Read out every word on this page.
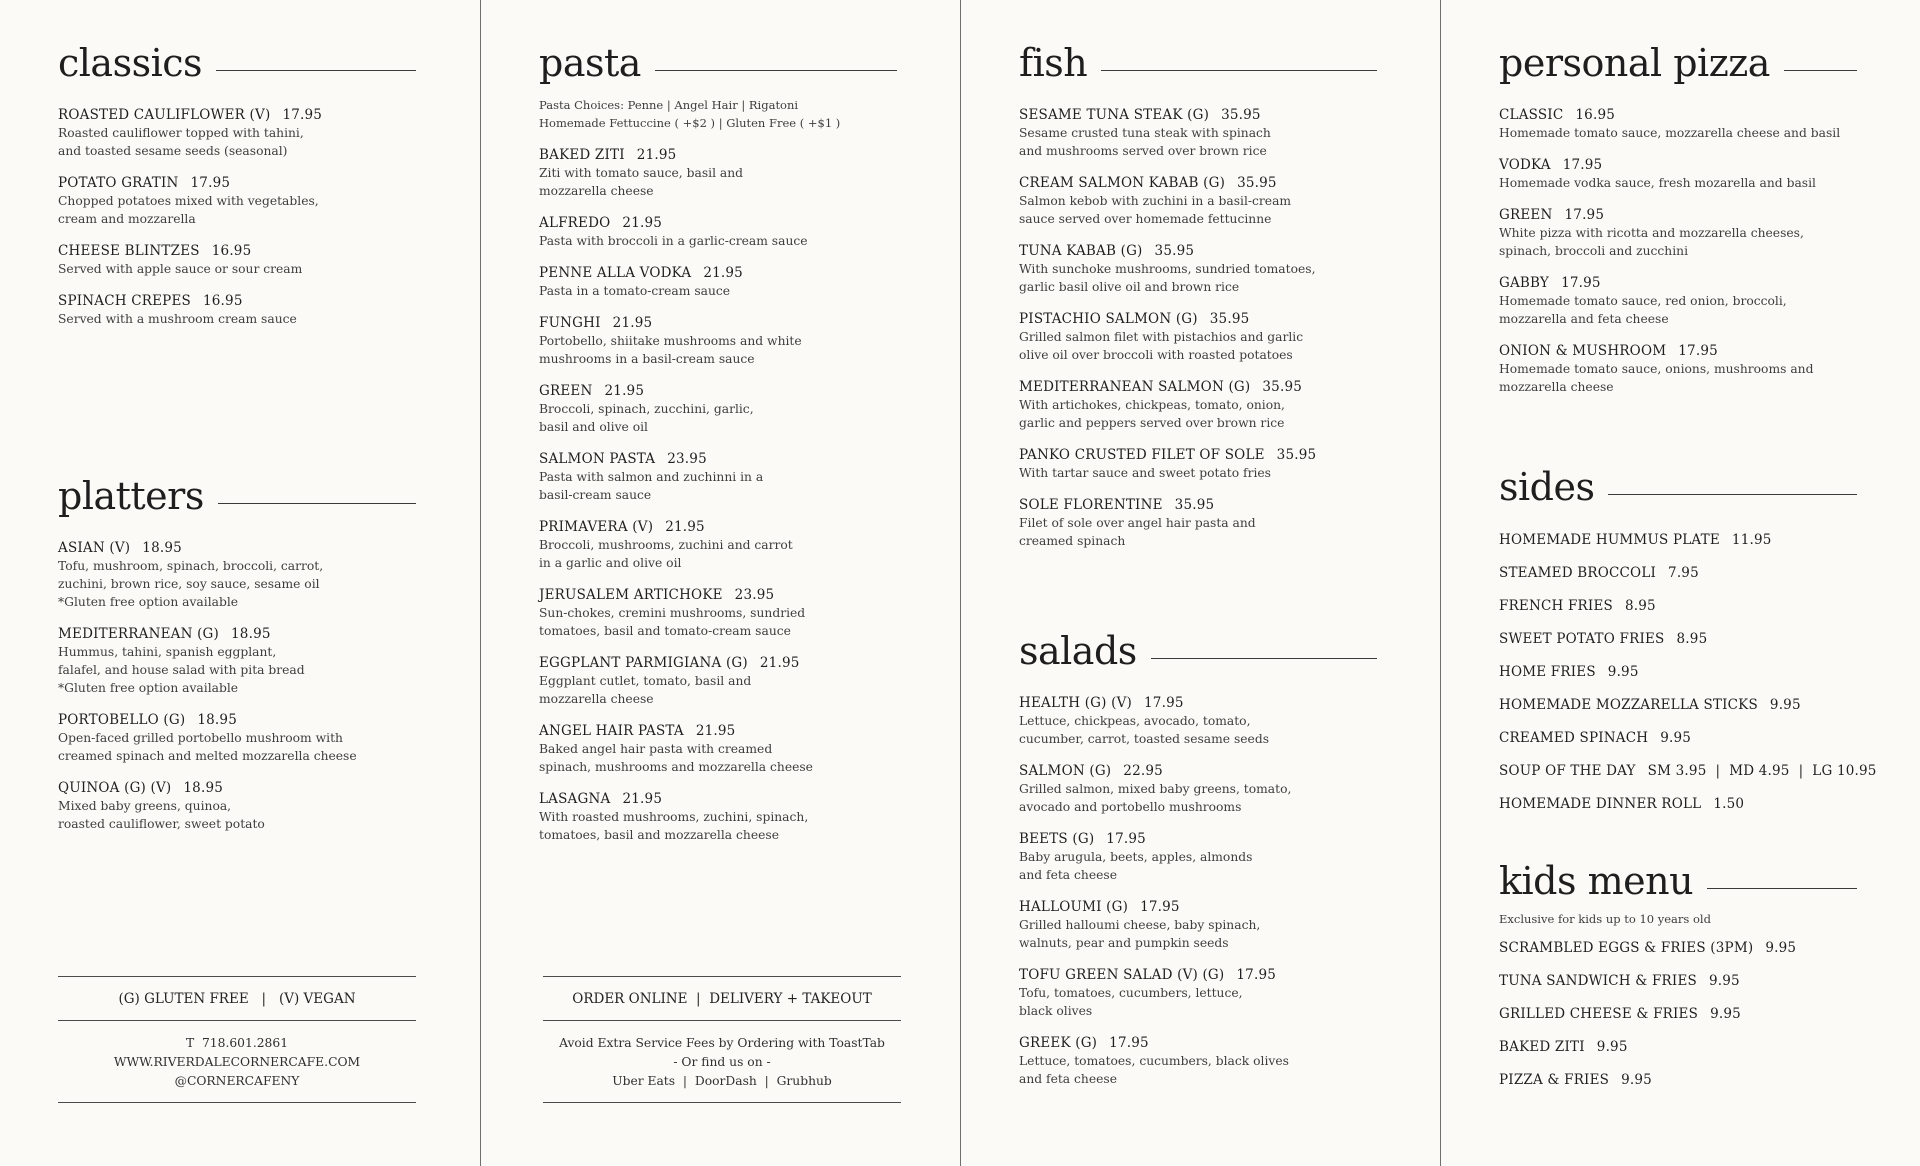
classics
ROASTED CAULIFLOWER (V) 17.95
Roasted cauliflower topped with tahini,
and toasted sesame seeds (seasonal)
POTATO GRATIN 17.95
Chopped potatoes mixed with vegetables,
cream and mozzarella
CHEESE BLINTZES 16.95
Served with apple sauce or sour cream
SPINACH CREPES 16.95
Served with a mushroom cream sauce
platters
ASIAN (V) 18.95
Tofu, mushroom, spinach, broccoli, carrot,
zuchini, brown rice, soy sauce, sesame oil
*Gluten free option available
MEDITERRANEAN (G) 18.95
Hummus, tahini, spanish eggplant,
falafel, and house salad with pita bread
*Gluten free option available
PORTOBELLO (G) 18.95
Open-faced grilled portobello mushroom with
creamed spinach and melted mozzarella cheese
QUINOA (G) (V) 18.95
Mixed baby greens, quinoa,
roasted cauliflower, sweet potato
(G) GLUTEN FREE   |   (V) VEGAN
T  718.601.2861
WWW.RIVERDALECORNERCAFE.COM
@CORNERCAFENY
pasta
Pasta Choices: Penne | Angel Hair | Rigatoni
Homemade Fettuccine ( +$2 ) | Gluten Free ( +$1 )
BAKED ZITI 21.95
Ziti with tomato sauce, basil and
mozzarella cheese
ALFREDO 21.95
Pasta with broccoli in a garlic-cream sauce
PENNE ALLA VODKA 21.95
Pasta in a tomato-cream sauce
FUNGHI 21.95
Portobello, shiitake mushrooms and white
mushrooms in a basil-cream sauce
GREEN 21.95
Broccoli, spinach, zucchini, garlic,
basil and olive oil
SALMON PASTA 23.95
Pasta with salmon and zuchinni in a
basil-cream sauce
PRIMAVERA (V) 21.95
Broccoli, mushrooms, zuchini and carrot
in a garlic and olive oil
JERUSALEM ARTICHOKE 23.95
Sun-chokes, cremini mushrooms, sundried
tomatoes, basil and tomato-cream sauce
EGGPLANT PARMIGIANA (G) 21.95
Eggplant cutlet, tomato, basil and
mozzarella cheese
ANGEL HAIR PASTA 21.95
Baked angel hair pasta with creamed
spinach, mushrooms and mozzarella cheese
LASAGNA 21.95
With roasted mushrooms, zuchini, spinach,
tomatoes, basil and mozzarella cheese
ORDER ONLINE  |  DELIVERY + TAKEOUT
Avoid Extra Service Fees by Ordering with ToastTab
- Or find us on -
Uber Eats  |  DoorDash  |  Grubhub
fish
SESAME TUNA STEAK (G) 35.95
Sesame crusted tuna steak with spinach
and mushrooms served over brown rice
CREAM SALMON KABAB (G) 35.95
Salmon kebob with zuchini in a basil-cream
sauce served over homemade fettucinne
TUNA KABAB (G) 35.95
With sunchoke mushrooms, sundried tomatoes,
garlic basil olive oil and brown rice
PISTACHIO SALMON (G) 35.95
Grilled salmon filet with pistachios and garlic
olive oil over broccoli with roasted potatoes
MEDITERRANEAN SALMON (G) 35.95
With artichokes, chickpeas, tomato, onion,
garlic and peppers served over brown rice
PANKO CRUSTED FILET OF SOLE 35.95
With tartar sauce and sweet potato fries
SOLE FLORENTINE 35.95
Filet of sole over angel hair pasta and
creamed spinach
salads
HEALTH (G) (V) 17.95
Lettuce, chickpeas, avocado, tomato,
cucumber, carrot, toasted sesame seeds
SALMON (G) 22.95
Grilled salmon, mixed baby greens, tomato,
avocado and portobello mushrooms
BEETS (G) 17.95
Baby arugula, beets, apples, almonds
and feta cheese
HALLOUMI (G) 17.95
Grilled halloumi cheese, baby spinach,
walnuts, pear and pumpkin seeds
TOFU GREEN SALAD (V) (G) 17.95
Tofu, tomatoes, cucumbers, lettuce,
black olives
GREEK (G) 17.95
Lettuce, tomatoes, cucumbers, black olives
and feta cheese
personal pizza
CLASSIC 16.95
Homemade tomato sauce, mozzarella cheese and basil
VODKA 17.95
Homemade vodka sauce, fresh mozarella and basil
GREEN 17.95
White pizza with ricotta and mozzarella cheeses,
spinach, broccoli and zucchini
GABBY 17.95
Homemade tomato sauce, red onion, broccoli,
mozzarella and feta cheese
ONION & MUSHROOM 17.95
Homemade tomato sauce, onions, mushrooms and
mozzarella cheese
sides
HOMEMADE HUMMUS PLATE 11.95
STEAMED BROCCOLI 7.95
FRENCH FRIES 8.95
SWEET POTATO FRIES 8.95
HOME FRIES 9.95
HOMEMADE MOZZARELLA STICKS 9.95
CREAMED SPINACH 9.95
SOUP OF THE DAY SM 3.95  |  MD 4.95  |  LG 10.95
HOMEMADE DINNER ROLL 1.50
kids menu
Exclusive for kids up to 10 years old
SCRAMBLED EGGS & FRIES (3PM) 9.95
TUNA SANDWICH & FRIES 9.95
GRILLED CHEESE & FRIES 9.95
BAKED ZITI 9.95
PIZZA & FRIES 9.95
